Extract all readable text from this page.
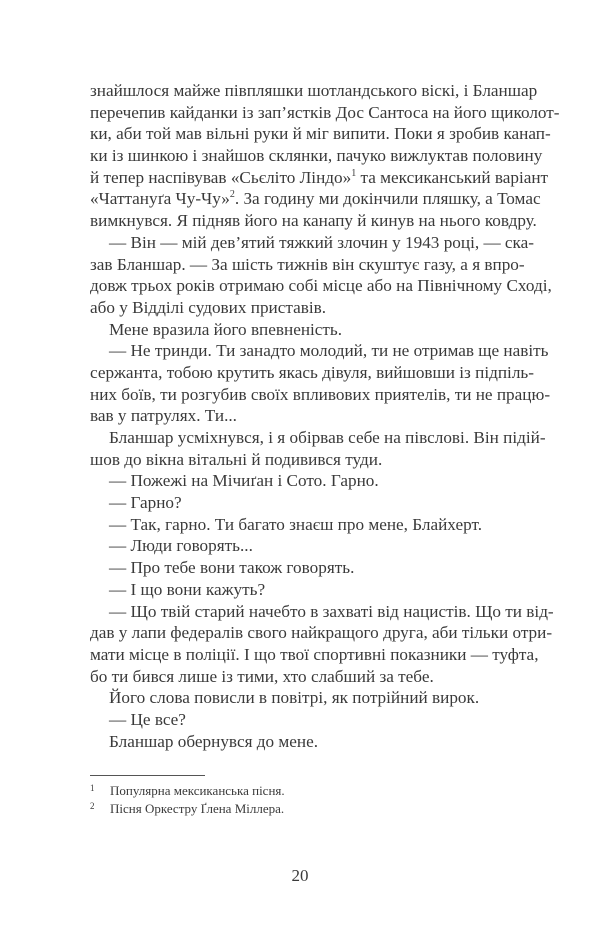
знайшлося майже півпляшки шотландського віскі, і Бланшар
перечепив кайданки із зап’ястків Дос Сантоса на його щиколот-
ки, аби той мав вільні руки й міг випити. Поки я зробив канап-
ки із шинкою і знайшов склянки, пачуко вижлуктав половину
й тепер наспівував «Сьєліто Ліндо»$^1$ та мексиканський варіант
«Чаттануґа Чу-Чу»$^2$. За годину ми докінчили пляшку, а Томас
вимкнувся. Я підняв його на канапу й кинув на нього ковдру.
— Він — мій дев’ятий тяжкий злочин у 1943 році, — ска-
зав Бланшар. — За шість тижнів він скуштує газу, а я впро-
довж трьох років отримаю собі місце або на Північному Сході,
або у Відділі судових приставів.
Мене вразила його впевненість.
— Не тринди. Ти занадто молодий, ти не отримав ще навіть
сержанта, тобою крутить якась дівуля, вийшовши із підпіль-
них боїв, ти розгубив своїх впливових приятелів, ти не працю-
вав у патрулях. Ти...
Бланшар усміхнувся, і я обірвав себе на півслові. Він підій-
шов до вікна вітальні й подивився туди.
— Пожежі на Мічиґан і Сото. Гарно.
— Гарно?
— Так, гарно. Ти багато знаєш про мене, Блайхерт.
— Люди говорять...
— Про тебе вони також говорять.
— І що вони кажуть?
— Що твій старий начебто в захваті від нацистів. Що ти від-
дав у лапи федералів свого найкращого друга, аби тільки отри-
мати місце в поліції. І що твої спортивні показники — туфта,
бо ти бився лише із тими, хто слабший за тебе.
Його слова повисли в повітрі, як потрійний вирок.
— Це все?
Бланшар обернувся до мене.
1 Популярна мексиканська пісня.
2 Пісня Оркестру Ґлена Міллера.
20
